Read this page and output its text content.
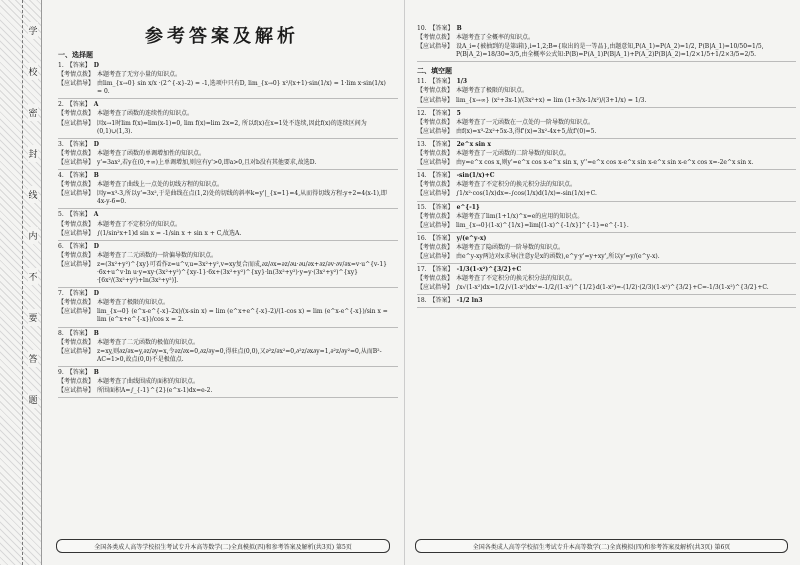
学
校
密
封
线
内
不
要
答
题
参考答案及解析
一、选择题
1. 【答案】 D
【考情点拨】 本题考查了无穷小量的知识点。
【应试指导】 由lim_{x→0} sin x/x ·(2^{-x}-2) = -1,选项中只有D, lim_{x→0} x²/(x+1)·sin(1/x) = 1·lim x·sin(1/x) = 0.
2. 【答案】 A
【考情点拨】 本题考查了函数的连续性的知识点。
【应试指导】 因x→1时lim f(x)=lim(x-1)=0, lim f(x)=lim 2x=2, 所以f(x)在x=1处不连续,因此f(x)的连续区间为(0,1)∪(1,3).
3. 【答案】 D
【考情点拨】 本题考查了函数的单调增加性的知识点。
【应试指导】 y'=3ax²,若y在(0,+∞)上单调增加,则应有y'>0,即a>0,且对b没有其他要求,故选D.
4. 【答案】 B
【考情点拨】 本题考查了曲线上一点处的切线方程的知识点。
【应试指导】 因y=x³-3,所以y'=3x²,于是曲线在点(1,2)处的切线的斜率k=y'|_{x=1}=4,从而得切线方程:y+2=4(x-1),即4x-y-6=0.
5. 【答案】 A
【考情点拨】 本题考查了不定积分的知识点。
【应试指导】 ∫(1/sin²x+1)d sin x = -1/sin x + sin x + C,故选A.
6. 【答案】 D
【考情点拨】 本题考查了二元函数的一阶偏导数的知识点。
【应试指导】 z=(3x²+y²)^{xy}可看作z=u^v,u=3x²+y²,v=xy复合而成,∂z/∂x=∂z/∂u·∂u/∂x+∂z/∂v·∂v/∂x=v·u^{v-1}·6x+u^v·ln u·y=xy·(3x²+y²)^{xy-1}·6x+(3x²+y²)^{xy}·ln(3x²+y²)·y=y·(3x²+y²)^{xy}·[6x²/(3x²+y²)+ln(3x²+y²)].
7. 【答案】 D
【考情点拨】 本题考查了极限的知识点。
【应试指导】 lim_{x→0} (e^x-e^{-x}-2x)/(x-sin x) = lim (e^x+e^{-x}-2)/(1-cos x) = lim (e^x-e^{-x})/sin x = lim (e^x+e^{-x})/cos x = 2.
8. 【答案】 B
【考情点拨】 本题考查了二元函数的极值的知识点。
【应试指导】 z=xy,则∂z/∂x=y,∂z/∂y=x,令∂z/∂x=0,∂z/∂y=0,得驻点(0,0),又∂²z/∂x²=0,∂²z/∂x∂y=1,∂²z/∂y²=0,从而B²-AC=1>0,故点(0,0)不是极值点.
9. 【答案】 B
【考情点拨】 本题考查了曲线围成的面积的知识点。
【应试指导】 所围面积A=∫_{-1}^{2}(e^x-1)dx=e-2.
全国各类成人高等学校招生考试专升本高等数学(二)全真模拟(四)和参考答案及解析(共3页) 第5页
10. 【答案】 B
【考情点拨】 本题考查了全概率的知识点。
【应试指导】 设A_i={被抽到的是第i箱},i=1,2;B={取出的是一等品},由题意知,P(A_1)=P(A_2)=1/2, P(B|A_1)=10/50=1/5, P(B|A_2)=18/30=3/5,由全概率公式知:P(B)=P(A_1)P(B|A_1)+P(A_2)P(B|A_2)=1/2×1/5+1/2×3/5=2/5.
二、填空题
11. 【答案】 1/3
【考情点拨】 本题考查了极限的知识点。
【应试指导】 lim_{x→∞} (x²+3x-1)/(3x²+x) = lim (1+3/x-1/x²)/(3+1/x) = 1/3.
12. 【答案】 5
【考情点拨】 本题考查了一元函数在一点处的一阶导数的知识点。
【应试指导】 由f(x)=x³-2x²+5x-3,得f'(x)=3x²-4x+5,故f'(0)=5.
13. 【答案】 2e^x sin x
【考情点拨】 本题考查了一元函数的二阶导数的知识点。
【应试指导】 由y=e^x cos x,则y'=e^x cos x-e^x sin x, y''=e^x cos x-e^x sin x-e^x sin x-e^x cos x=-2e^x sin x.
14. 【答案】 -sin(1/x)+C
【考情点拨】 本题考查了不定积分的换元积分法的知识点。
【应试指导】 ∫1/x²·cos(1/x)dx=-∫cos(1/x)d(1/x)=-sin(1/x)+C.
15. 【答案】 e^{-1}
【考情点拨】 本题考查了lim(1+1/x)^x=e的应用的知识点。
【应试指导】 lim_{x→0}(1-x)^{1/x}=lim[(1-x)^{-1/x}]^{-1}=e^{-1}.
16. 【答案】 y/(e^y-x)
【考情点拨】 本题考查了隐函数的一阶导数的知识点。
【应试指导】 由e^y-xy两边对x求导(注意y是x的函数),e^y·y'=y+xy',所以y'=y/(e^y-x).
17. 【答案】 -1/3(1-x²)^{3/2}+C
【考情点拨】 本题考查了不定积分的换元积分法的知识点。
【应试指导】 ∫x√(1-x²)dx=1/2∫√(1-x²)dx²=-1/2∫(1-x²)^{1/2}d(1-x²)=-(1/2)·(2/3)(1-x²)^{3/2}+C=-1/3(1-x²)^{3/2}+C.
18. 【答案】 -1/2 ln3
全国各类成人高等学校招生考试专升本高等数学(二)全真模拟(四)和参考答案及解析(共3页) 第6页
